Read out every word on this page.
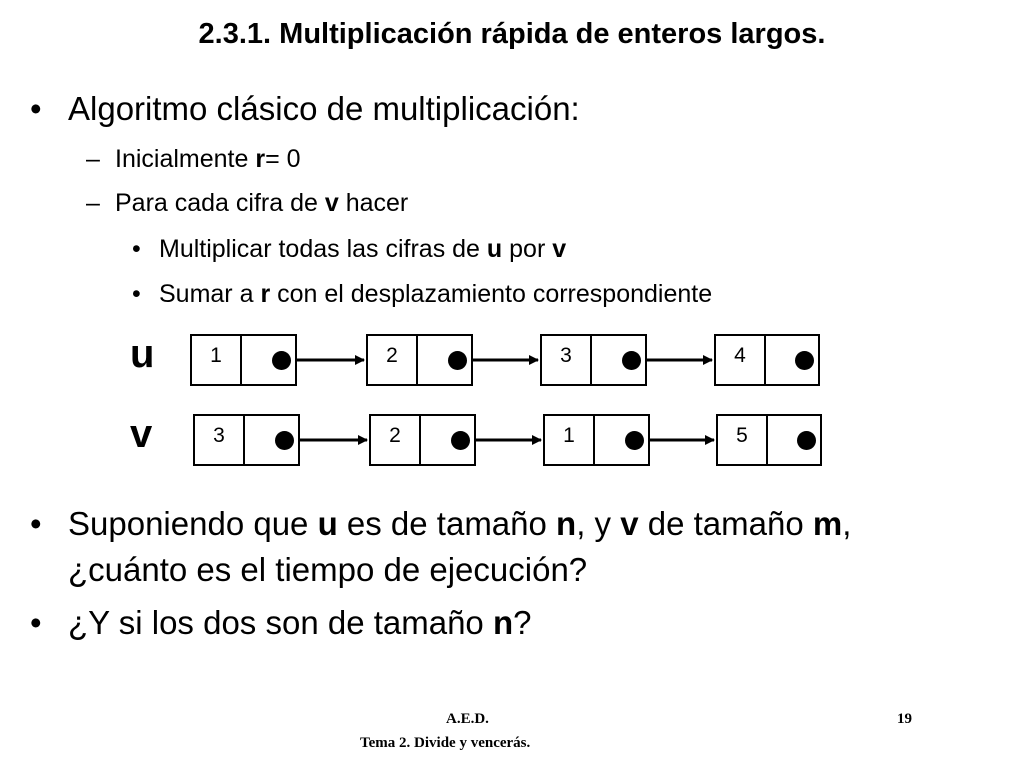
2.3.1. Multiplicación rápida de enteros largos.
• Algoritmo clásico de multiplicación:
– Inicialmente r= 0
– Para cada cifra de v hacer
• Multiplicar todas las cifras de u por v
• Sumar a r con el desplazamiento correspondiente
u
v
1	2	3	4
3	2	1	5
• Suponiendo que u es de tamaño n, y v de tamaño m,
¿cuánto es el tiempo de ejecución?
• ¿Y si los dos son de tamaño n?
A.E.D.
Tema 2. Divide y vencerás.
19
